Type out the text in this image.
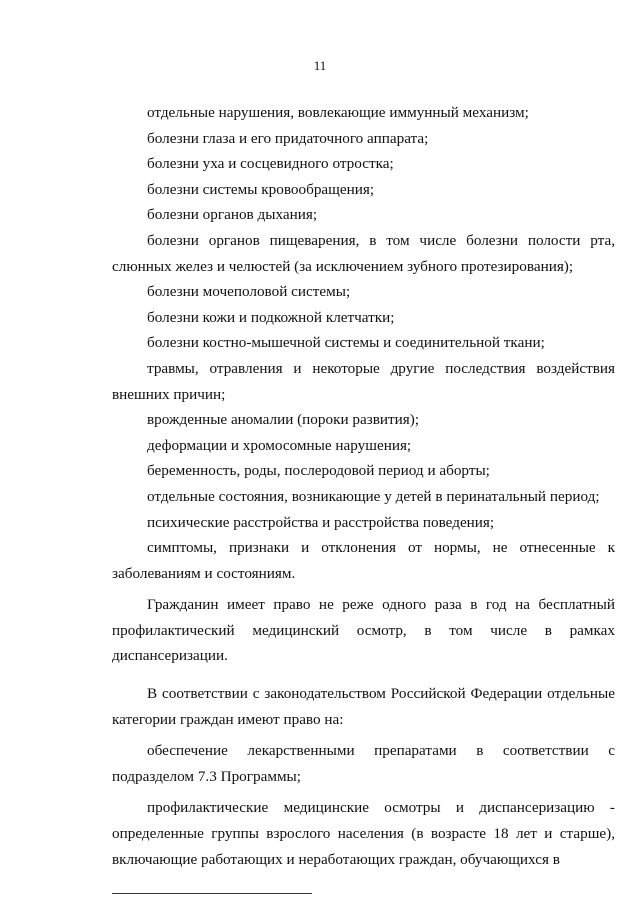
11

отдельные нарушения, вовлекающие иммунный механизм;

болезни глаза и его придаточного аппарата;

болезни уха и сосцевидного отростка;

болезни системы кровообращения;

болезни органов дыхания;

болезни органов пищеварения, в том числе болезни полости рта, слюнных желез и челюстей (за исключением зубного протезирования);

болезни мочеполовой системы;

болезни кожи и подкожной клетчатки;

болезни костно-мышечной системы и соединительной ткани;

травмы, отравления и некоторые другие последствия воздействия внешних причин;

врожденные аномалии (пороки развития);

деформации и хромосомные нарушения;

беременность, роды, послеродовой период и аборты;

отдельные состояния, возникающие у детей в перинатальный период;

психические расстройства и расстройства поведения;

симптомы, признаки и отклонения от нормы, не отнесенные к заболеваниям и состояниям.

Гражданин имеет право не реже одного раза в год на бесплатный профилактический медицинский осмотр, в том числе в рамках диспансеризации.

В соответствии с законодательством Российской Федерации отдельные категории граждан имеют право на:

обеспечение лекарственными препаратами в соответствии с подразделом 7.3 Программы;

профилактические медицинские осмотры и диспансеризацию - определенные группы взрослого населения (в возрасте 18 лет и старше), включающие работающих и неработающих граждан, обучающихся в
